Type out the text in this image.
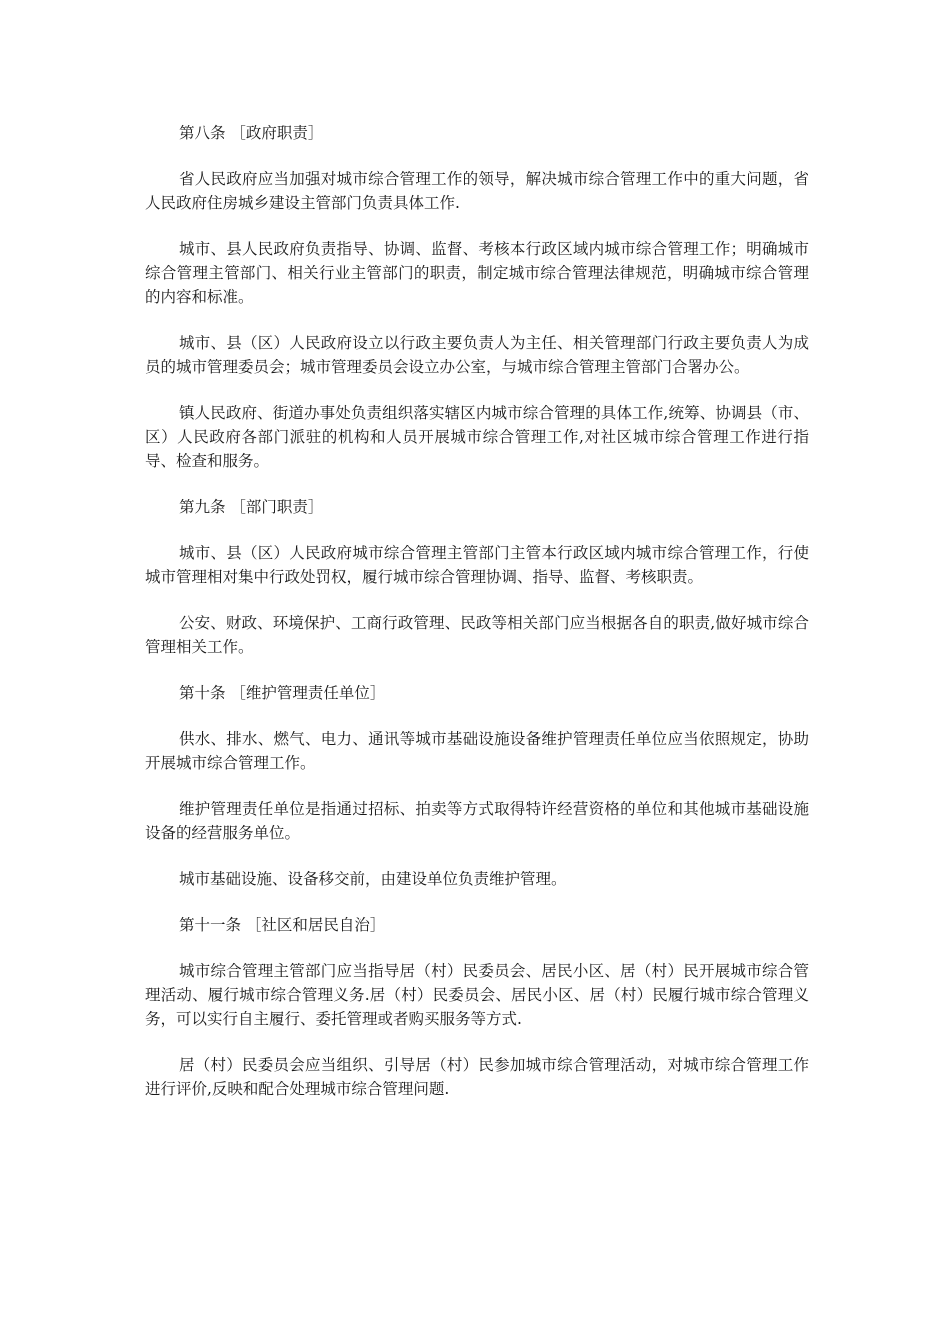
第八条 ［政府职责］

省人民政府应当加强对城市综合管理工作的领导，解决城市综合管理工作中的重大问题，省人民政府住房城乡建设主管部门负责具体工作.

城市、县人民政府负责指导、协调、监督、考核本行政区域内城市综合管理工作；明确城市综合管理主管部门、相关行业主管部门的职责，制定城市综合管理法律规范，明确城市综合管理的内容和标准。

城市、县（区）人民政府设立以行政主要负责人为主任、相关管理部门行政主要负责人为成员的城市管理委员会；城市管理委员会设立办公室，与城市综合管理主管部门合署办公。

镇人民政府、街道办事处负责组织落实辖区内城市综合管理的具体工作,统筹、协调县（市、区）人民政府各部门派驻的机构和人员开展城市综合管理工作,对社区城市综合管理工作进行指导、检查和服务。

第九条 ［部门职责］

城市、县（区）人民政府城市综合管理主管部门主管本行政区域内城市综合管理工作，行使城市管理相对集中行政处罚权，履行城市综合管理协调、指导、监督、考核职责。

公安、财政、环境保护、工商行政管理、民政等相关部门应当根据各自的职责,做好城市综合管理相关工作。

第十条 ［维护管理责任单位］

供水、排水、燃气、电力、通讯等城市基础设施设备维护管理责任单位应当依照规定，协助开展城市综合管理工作。

维护管理责任单位是指通过招标、拍卖等方式取得特许经营资格的单位和其他城市基础设施设备的经营服务单位。

城市基础设施、设备移交前，由建设单位负责维护管理。

第十一条 ［社区和居民自治］

城市综合管理主管部门应当指导居（村）民委员会、居民小区、居（村）民开展城市综合管理活动、履行城市综合管理义务.居（村）民委员会、居民小区、居（村）民履行城市综合管理义务，可以实行自主履行、委托管理或者购买服务等方式.

居（村）民委员会应当组织、引导居（村）民参加城市综合管理活动，对城市综合管理工作进行评价,反映和配合处理城市综合管理问题.
